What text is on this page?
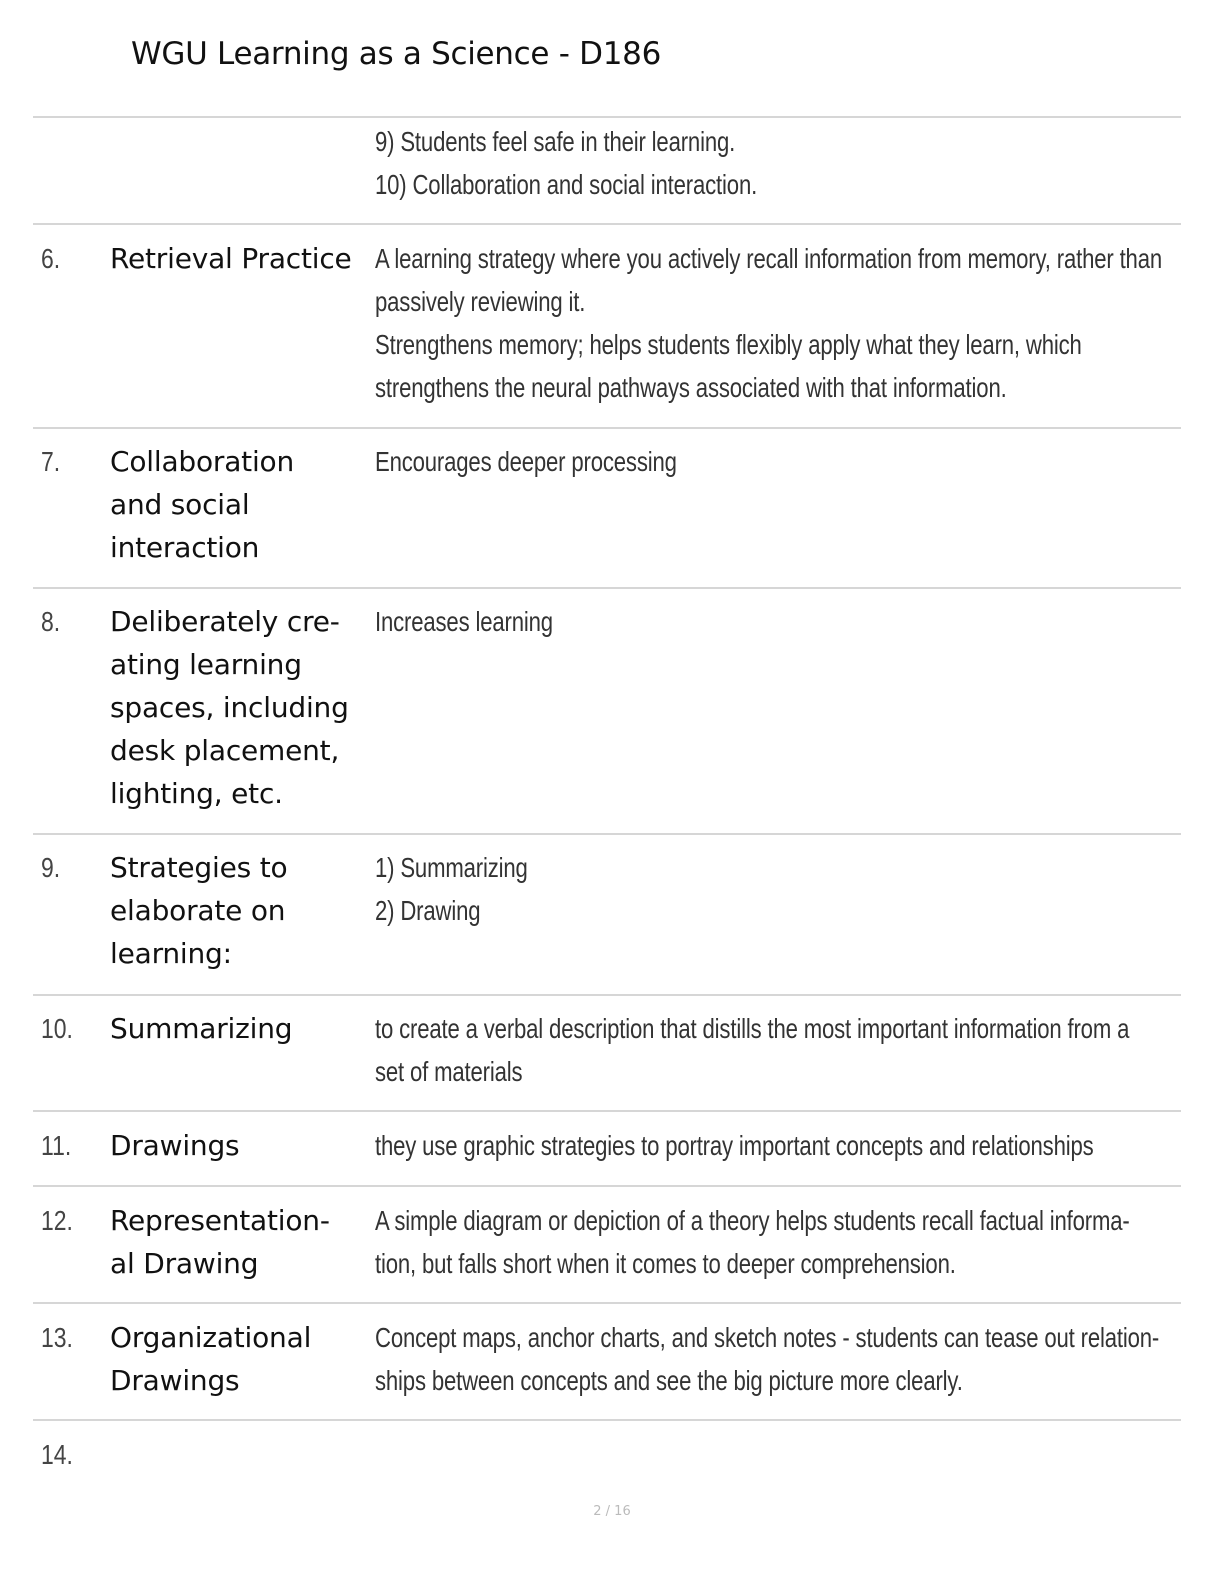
WGU Learning as a Science - D186
9) Students feel safe in their learning.
10) Collaboration and social interaction.
6. Retrieval Practice A learning strategy where you actively recall information from memory, rather than
passively reviewing it.
Strengthens memory; helps students flexibly apply what they learn, which
strengthens the neural pathways associated with that information.
7. Collaboration
and social
interaction
Encourages deeper processing
8. Deliberately cre-
ating learning
spaces, including
desk placement,
lighting, etc.
Increases learning
9. Strategies to
elaborate on
learning:
1) Summarizing
2) Drawing
10. Summarizing	to create a verbal description that distills the most important information from a
set of materials
11. Drawings	they use graphic strategies to portray important concepts and relationships
12. Representation-
al Drawing
A simple diagram or depiction of a theory helps students recall factual informa-
tion, but falls short when it comes to deeper comprehension.
13. Organizational
Drawings
Concept maps, anchor charts, and sketch notes - students can tease out relation-
ships between concepts and see the big picture more clearly.
14.
2 / 16
